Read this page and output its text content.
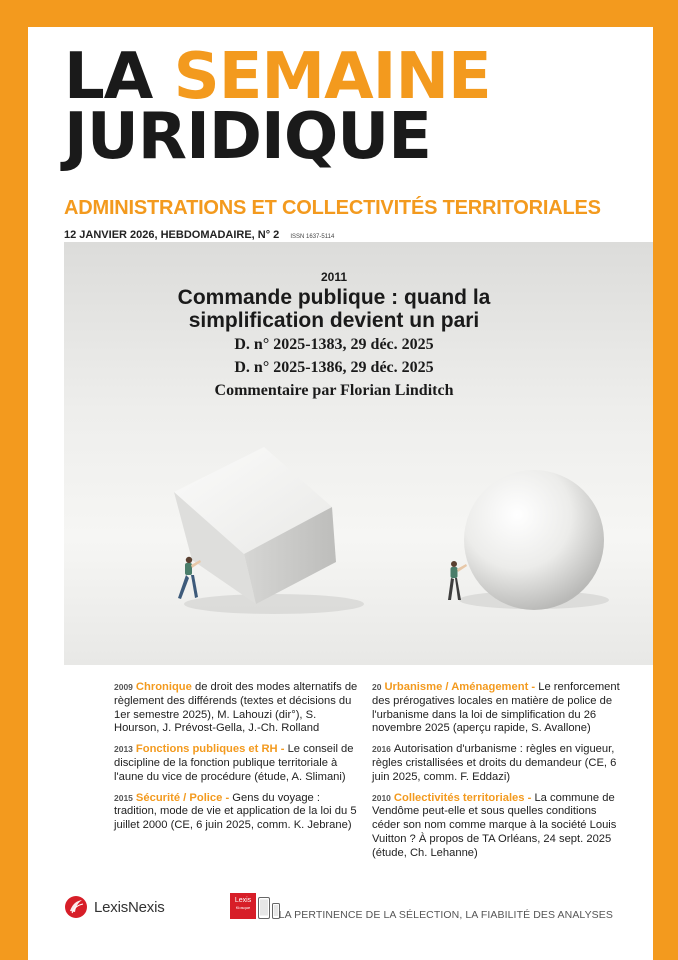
LA SEMAINE
JURIDIQUE
ADMINISTRATIONS ET COLLECTIVITÉS TERRITORIALES
12 JANVIER 2026, HEBDOMADAIRE, N° 2 ISSN 1637-5114
2011
Commande publique : quand la
simplification devient un pari
D. n° 2025-1383, 29 déc. 2025
D. n° 2025-1386, 29 déc. 2025
Commentaire par Florian Linditch
2009 Chronique de droit des modes alternatifs de règlement des différends (textes et décisions du 1er semestre 2025), M. Lahouzi (dir°), S. Hourson, J. Prévost-Gella, J.-Ch. Rolland
2013 Fonctions publiques et RH - Le conseil de discipline de la fonction publique territoriale à l'aune du vice de procédure (étude, A. Slimani)
2015 Sécurité / Police - Gens du voyage : tradition, mode de vie et application de la loi du 5 juillet 2000 (CE, 6 juin 2025, comm. K. Jebrane)
20 Urbanisme / Aménagement - Le renforcement des prérogatives locales en matière de police de l'urbanisme dans la loi de simplification du 26 novembre 2025 (aperçu rapide, S. Avallone)
2016 Autorisation d'urbanisme : règles en vigueur, règles cristallisées et droits du demandeur (CE, 6 juin 2025, comm. F. Eddazi)
2010 Collectivités territoriales - La commune de Vendôme peut-elle et sous quelles conditions céder son nom comme marque à la société Louis Vuitton ? À propos de TA Orléans, 24 sept. 2025 (étude, Ch. Lehanne)
LexisNexis	Lexis
Kiosque
LA PERTINENCE DE LA SÉLECTION, LA FIABILITÉ DES ANALYSES
